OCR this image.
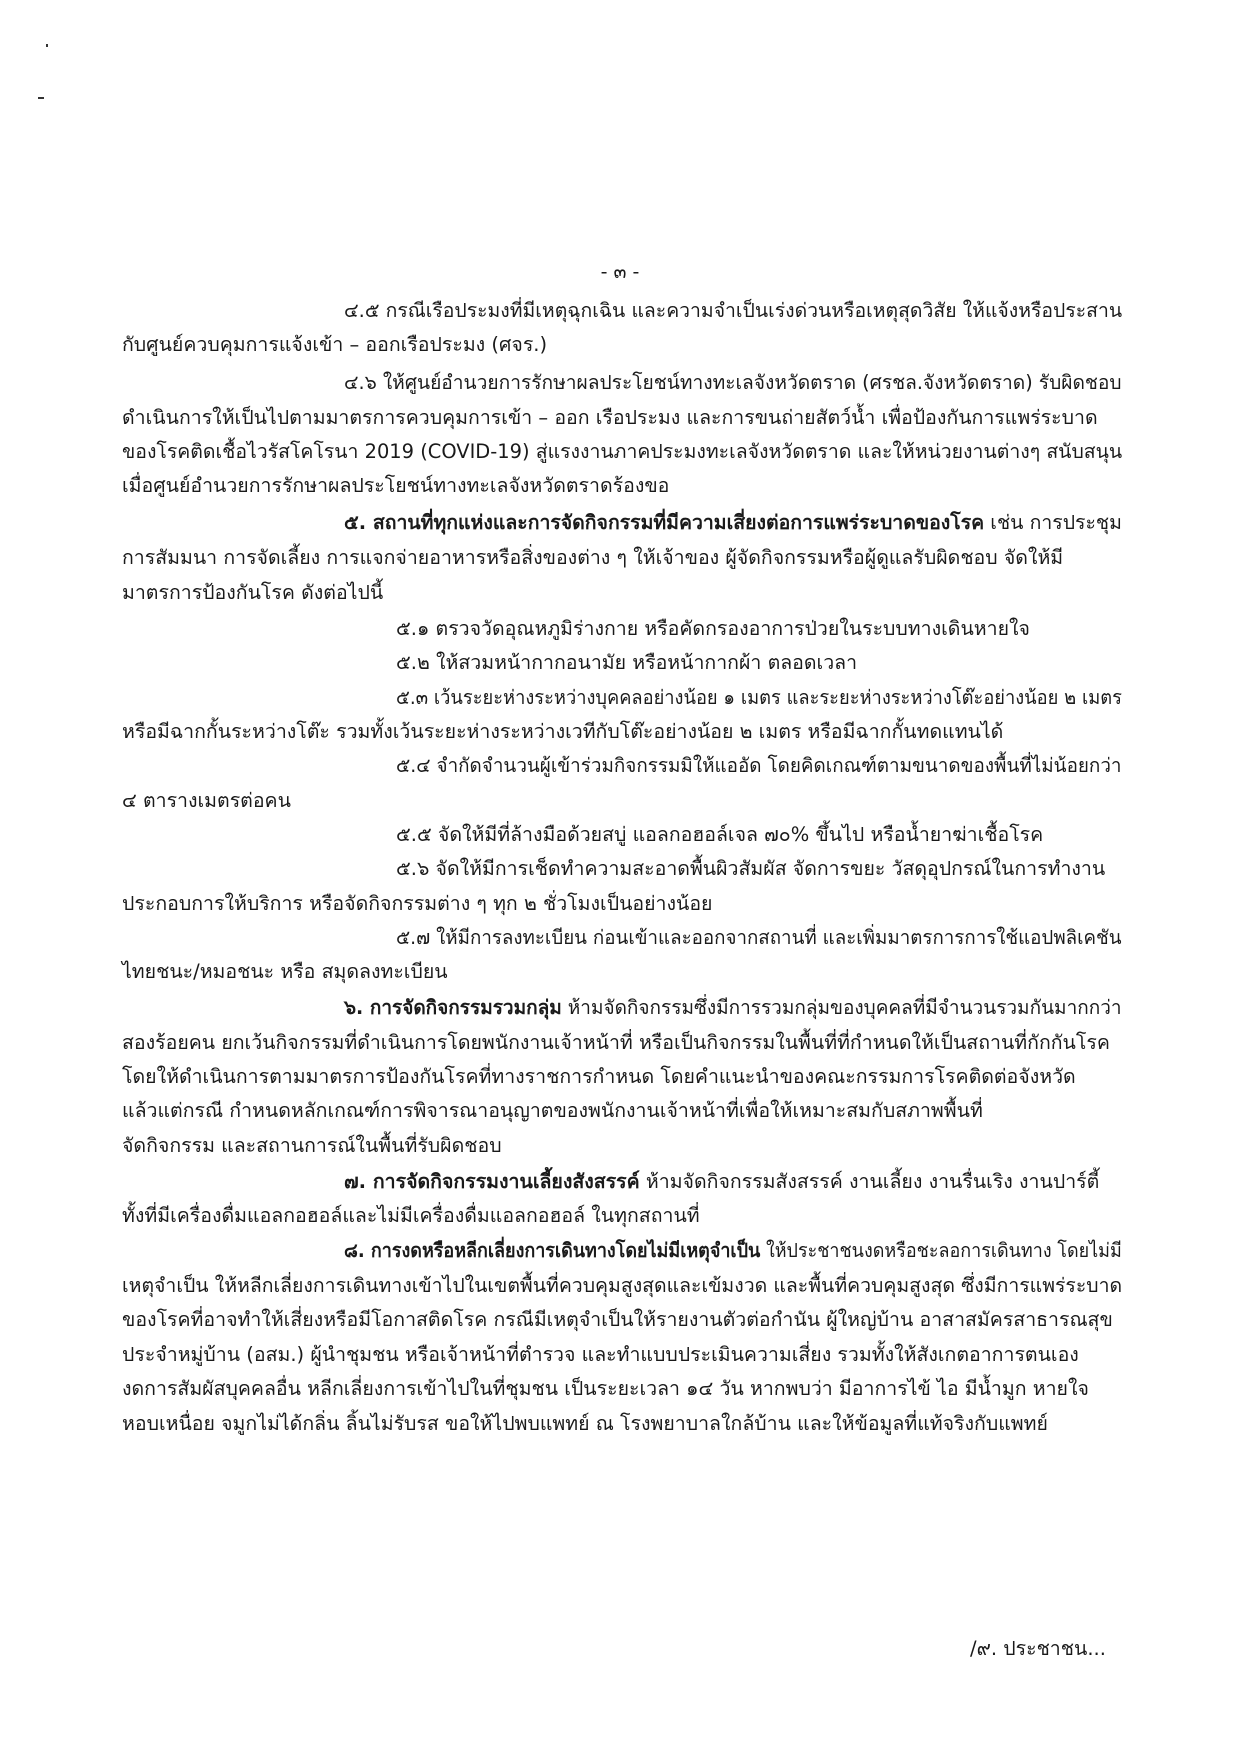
- ๓ -
๔.๕ กรณีเรือประมงที่มีเหตุฉุกเฉิน และความจำเป็นเร่งด่วนหรือเหตุสุดวิสัย ให้แจ้งหรือประสาน
กับศูนย์ควบคุมการแจ้งเข้า – ออกเรือประมง (ศจร.)
๔.๖ ให้ศูนย์อำนวยการรักษาผลประโยชน์ทางทะเลจังหวัดตราด (ศรชล.จังหวัดตราด) รับผิดชอบ
ดำเนินการให้เป็นไปตามมาตรการควบคุมการเข้า – ออก เรือประมง และการขนถ่ายสัตว์น้ำ เพื่อป้องกันการแพร่ระบาด
ของโรคติดเชื้อไวรัสโคโรนา 2019 (COVID-19) สู่แรงงานภาคประมงทะเลจังหวัดตราด และให้หน่วยงานต่างๆ สนับสนุน
เมื่อศูนย์อำนวยการรักษาผลประโยชน์ทางทะเลจังหวัดตราดร้องขอ
๕. สถานที่ทุกแห่งและการจัดกิจกรรมที่มีความเสี่ยงต่อการแพร่ระบาดของโรค เช่น การประชุม
การสัมมนา การจัดเลี้ยง การแจกจ่ายอาหารหรือสิ่งของต่าง ๆ ให้เจ้าของ ผู้จัดกิจกรรมหรือผู้ดูแลรับผิดชอบ จัดให้มี
มาตรการป้องกันโรค ดังต่อไปนี้
๕.๑ ตรวจวัดอุณหภูมิร่างกาย หรือคัดกรองอาการป่วยในระบบทางเดินหายใจ
๕.๒ ให้สวมหน้ากากอนามัย หรือหน้ากากผ้า ตลอดเวลา
๕.๓ เว้นระยะห่างระหว่างบุคคลอย่างน้อย ๑ เมตร และระยะห่างระหว่างโต๊ะอย่างน้อย ๒ เมตร
หรือมีฉากกั้นระหว่างโต๊ะ รวมทั้งเว้นระยะห่างระหว่างเวทีกับโต๊ะอย่างน้อย ๒ เมตร หรือมีฉากกั้นทดแทนได้
๕.๔ จำกัดจำนวนผู้เข้าร่วมกิจกรรมมิให้แออัด โดยคิดเกณฑ์ตามขนาดของพื้นที่ไม่น้อยกว่า
๔ ตารางเมตรต่อคน
๕.๕ จัดให้มีที่ล้างมือด้วยสบู่ แอลกอฮอล์เจล ๗๐% ขึ้นไป หรือน้ำยาฆ่าเชื้อโรค
๕.๖ จัดให้มีการเช็ดทำความสะอาดพื้นผิวสัมผัส จัดการขยะ วัสดุอุปกรณ์ในการทำงาน
ประกอบการให้บริการ หรือจัดกิจกรรมต่าง ๆ ทุก ๒ ชั่วโมงเป็นอย่างน้อย
๕.๗ ให้มีการลงทะเบียน ก่อนเข้าและออกจากสถานที่ และเพิ่มมาตรการการใช้แอปพลิเคชัน
ไทยชนะ/หมอชนะ หรือ สมุดลงทะเบียน
๖. การจัดกิจกรรมรวมกลุ่ม ห้ามจัดกิจกรรมซึ่งมีการรวมกลุ่มของบุคคลที่มีจำนวนรวมกันมากกว่า
สองร้อยคน ยกเว้นกิจกรรมที่ดำเนินการโดยพนักงานเจ้าหน้าที่ หรือเป็นกิจกรรมในพื้นที่ที่กำหนดให้เป็นสถานที่กักกันโรค
โดยให้ดำเนินการตามมาตรการป้องกันโรคที่ทางราชการกำหนด โดยคำแนะนำของคณะกรรมการโรคติดต่อจังหวัด
แล้วแต่กรณี กำหนดหลักเกณฑ์การพิจารณาอนุญาตของพนักงานเจ้าหน้าที่เพื่อให้เหมาะสมกับสภาพพื้นที่
จัดกิจกรรม และสถานการณ์ในพื้นที่รับผิดชอบ
๗. การจัดกิจกรรมงานเลี้ยงสังสรรค์ ห้ามจัดกิจกรรมสังสรรค์ งานเลี้ยง งานรื่นเริง งานปาร์ตี้
ทั้งที่มีเครื่องดื่มแอลกอฮอล์และไม่มีเครื่องดื่มแอลกอฮอล์ ในทุกสถานที่
๘. การงดหรือหลีกเลี่ยงการเดินทางโดยไม่มีเหตุจำเป็น ให้ประชาชนงดหรือชะลอการเดินทาง โดยไม่มี
เหตุจำเป็น ให้หลีกเลี่ยงการเดินทางเข้าไปในเขตพื้นที่ควบคุมสูงสุดและเข้มงวด และพื้นที่ควบคุมสูงสุด ซึ่งมีการแพร่ระบาด
ของโรคที่อาจทำให้เสี่ยงหรือมีโอกาสติดโรค กรณีมีเหตุจำเป็นให้รายงานตัวต่อกำนัน ผู้ใหญ่บ้าน อาสาสมัครสาธารณสุข
ประจำหมู่บ้าน (อสม.) ผู้นำชุมชน หรือเจ้าหน้าที่ตำรวจ และทำแบบประเมินความเสี่ยง รวมทั้งให้สังเกตอาการตนเอง
งดการสัมผัสบุคคลอื่น หลีกเลี่ยงการเข้าไปในที่ชุมชน เป็นระยะเวลา ๑๔ วัน หากพบว่า มีอาการไข้ ไอ มีน้ำมูก หายใจ
หอบเหนื่อย จมูกไม่ได้กลิ่น ลิ้นไม่รับรส ขอให้ไปพบแพทย์ ณ โรงพยาบาลใกล้บ้าน และให้ข้อมูลที่แท้จริงกับแพทย์
/๙. ประชาชน...
